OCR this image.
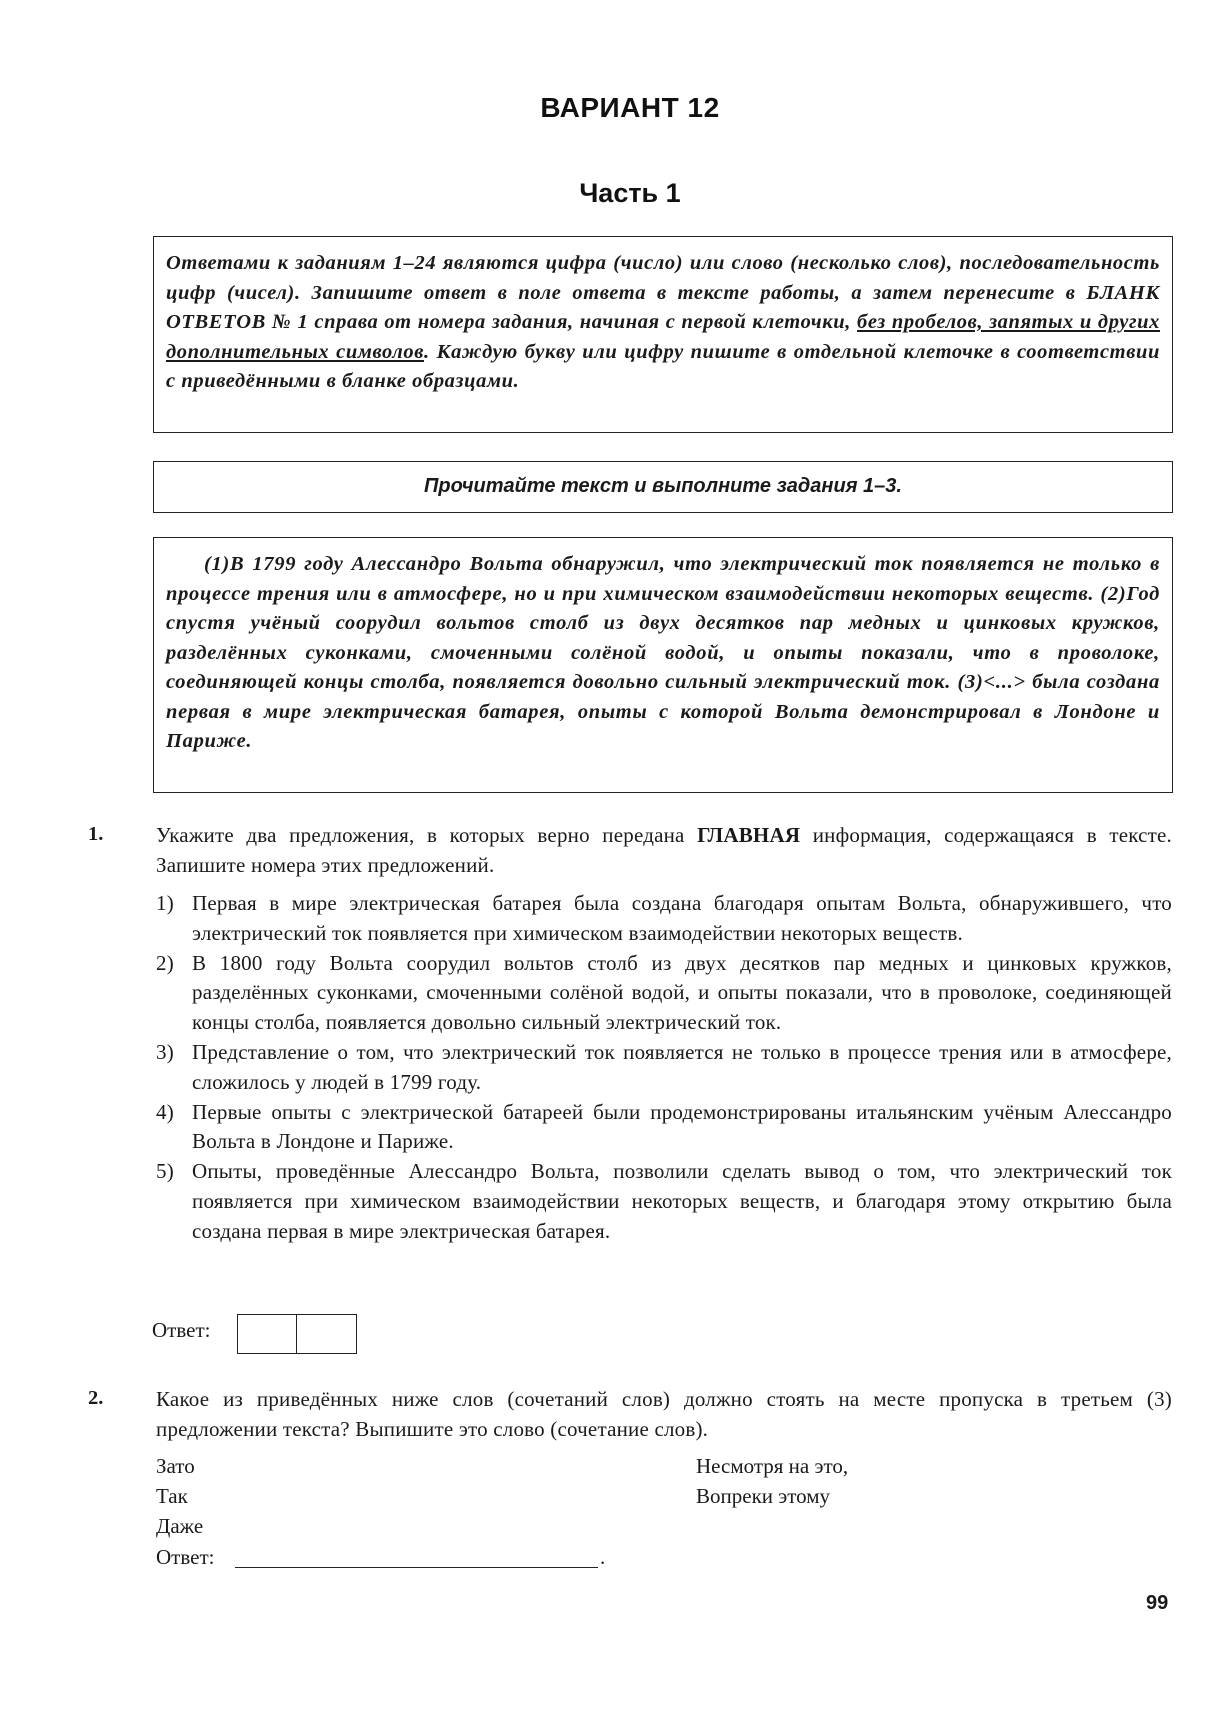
ВАРИАНТ 12
Часть 1

Ответами к заданиям 1–24 являются цифра (число) или слово (несколько слов), последовательность цифр (чисел). Запишите ответ в поле ответа в тексте работы, а затем перенесите в БЛАНК ОТВЕТОВ № 1 справа от номера задания, начиная с первой клеточки, без пробелов, запятых и других дополнительных символов. Каждую букву или цифру пишите в отдельной клеточке в соответствии с приведёнными в бланке образцами.

Прочитайте текст и выполните задания 1–3.

(1)В 1799 году Алессандро Вольта обнаружил, что электрический ток появляется не только в процессе трения или в атмосфере, но и при химическом взаимодействии некоторых веществ. (2)Год спустя учёный соорудил вольтов столб из двух десятков пар медных и цинковых кружков, разделённых суконками, смоченными солёной водой, и опыты показали, что в проволоке, соединяющей концы столба, появляется довольно сильный электрический ток. (3)<...> была создана первая в мире электрическая батарея, опыты с которой Вольта демонстрировал в Лондоне и Париже.

1.	Укажите два предложения, в которых верно передана ГЛАВНАЯ информация, содержащаяся в тексте. Запишите номера этих предложений.

1) Первая в мире электрическая батарея была создана благодаря опытам Вольта, обнаружившего, что электрический ток появляется при химическом взаимодействии некоторых веществ.
2) В 1800 году Вольта соорудил вольтов столб из двух десятков пар медных и цинковых кружков, разделённых суконками, смоченными солёной водой, и опыты показали, что в проволоке, соединяющей концы столба, появляется довольно сильный электрический ток.
3) Представление о том, что электрический ток появляется не только в процессе трения или в атмосфере, сложилось у людей в 1799 году.
4) Первые опыты с электрической батареей были продемонстрированы итальянским учёным Алессандро Вольта в Лондоне и Париже.
5) Опыты, проведённые Алессандро Вольта, позволили сделать вывод о том, что электрический ток появляется при химическом взаимодействии некоторых веществ, и благодаря этому открытию была создана первая в мире электрическая батарея.
Ответ:
2.	Какое из приведённых ниже слов (сочетаний слов) должно стоять на месте пропуска в третьем (3) предложении текста? Выпишите это слово (сочетание слов).

Зато
Так
Даже
Несмотря на это,
Вопреки этому
Ответ:	.
99
